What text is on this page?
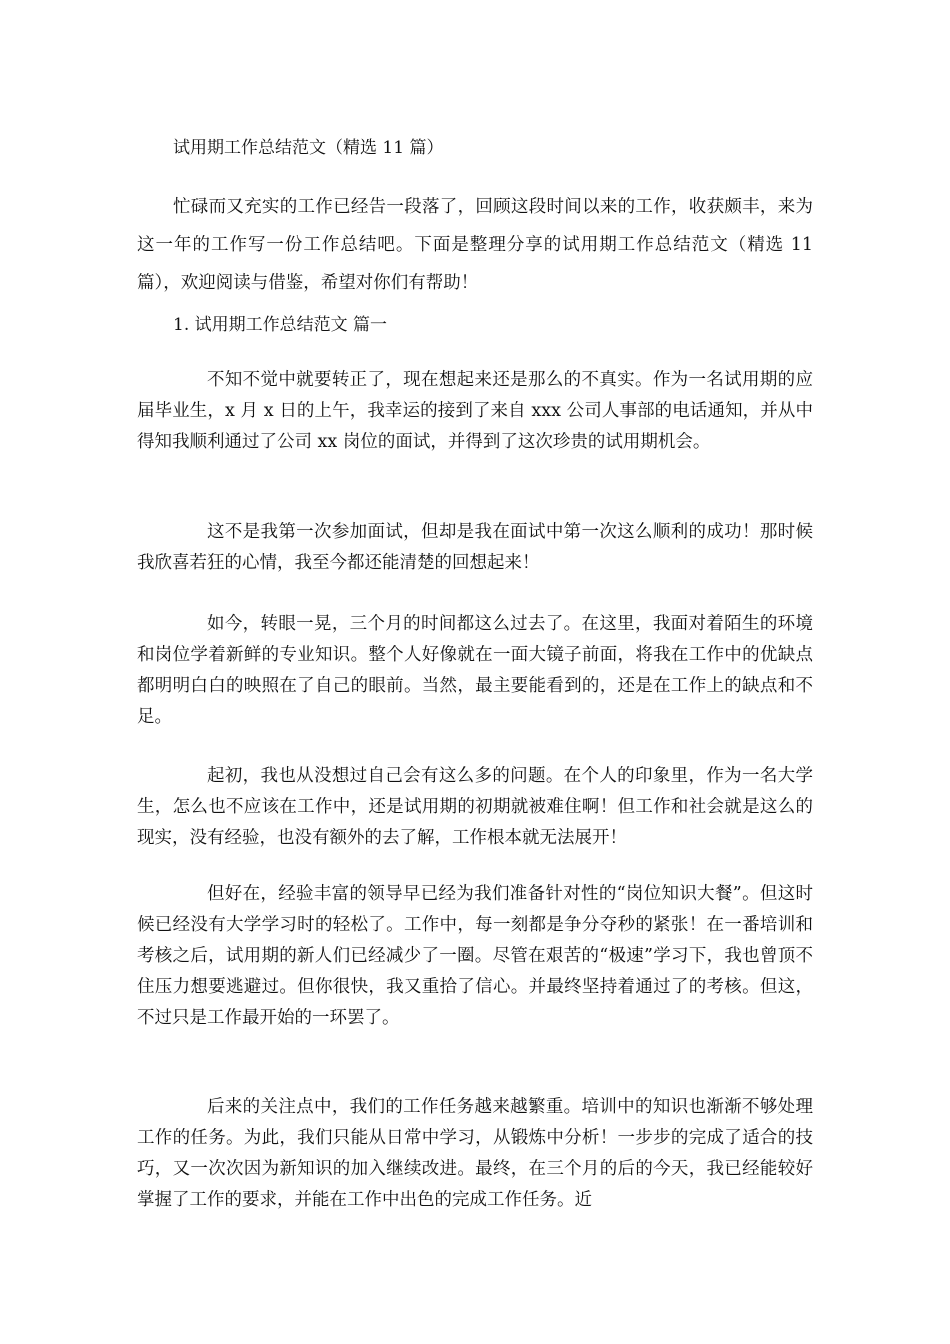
试用期工作总结范文（精选 11 篇）

忙碌而又充实的工作已经告一段落了，回顾这段时间以来的工作，收获颇丰，来为这一年的工作写一份工作总结吧。下面是整理分享的试用期工作总结范文（精选 11 篇），欢迎阅读与借鉴，希望对你们有帮助！

1. 试用期工作总结范文 篇一

不知不觉中就要转正了，现在想起来还是那么的不真实。作为一名试用期的应届毕业生，x 月 x 日的上午，我幸运的接到了来自 xxx 公司人事部的电话通知，并从中得知我顺利通过了公司 xx 岗位的面试，并得到了这次珍贵的试用期机会。

这不是我第一次参加面试，但却是我在面试中第一次这么顺利的成功！那时候我欣喜若狂的心情，我至今都还能清楚的回想起来！

如今，转眼一晃，三个月的时间都这么过去了。在这里，我面对着陌生的环境和岗位学着新鲜的专业知识。整个人好像就在一面大镜子前面，将我在工作中的优缺点都明明白白的映照在了自己的眼前。当然，最主要能看到的，还是在工作上的缺点和不足。

起初，我也从没想过自己会有这么多的问题。在个人的印象里，作为一名大学生，怎么也不应该在工作中，还是试用期的初期就被难住啊！但工作和社会就是这么的现实，没有经验，也没有额外的去了解，工作根本就无法展开！

但好在，经验丰富的领导早已经为我们准备针对性的“岗位知识大餐”。但这时候已经没有大学学习时的轻松了。工作中，每一刻都是争分夺秒的紧张！在一番培训和考核之后，试用期的新人们已经减少了一圈。尽管在艰苦的“极速”学习下，我也曾顶不住压力想要逃避过。但你很快，我又重拾了信心。并最终坚持着通过了的考核。但这，不过只是工作最开始的一环罢了。

后来的关注点中，我们的工作任务越来越繁重。培训中的知识也渐渐不够处理工作的任务。为此，我们只能从日常中学习，从锻炼中分析！一步步的完成了适合的技巧，又一次次因为新知识的加入继续改进。最终，在三个月的后的今天，我已经能较好掌握了工作的要求，并能在工作中出色的完成工作任务。近
